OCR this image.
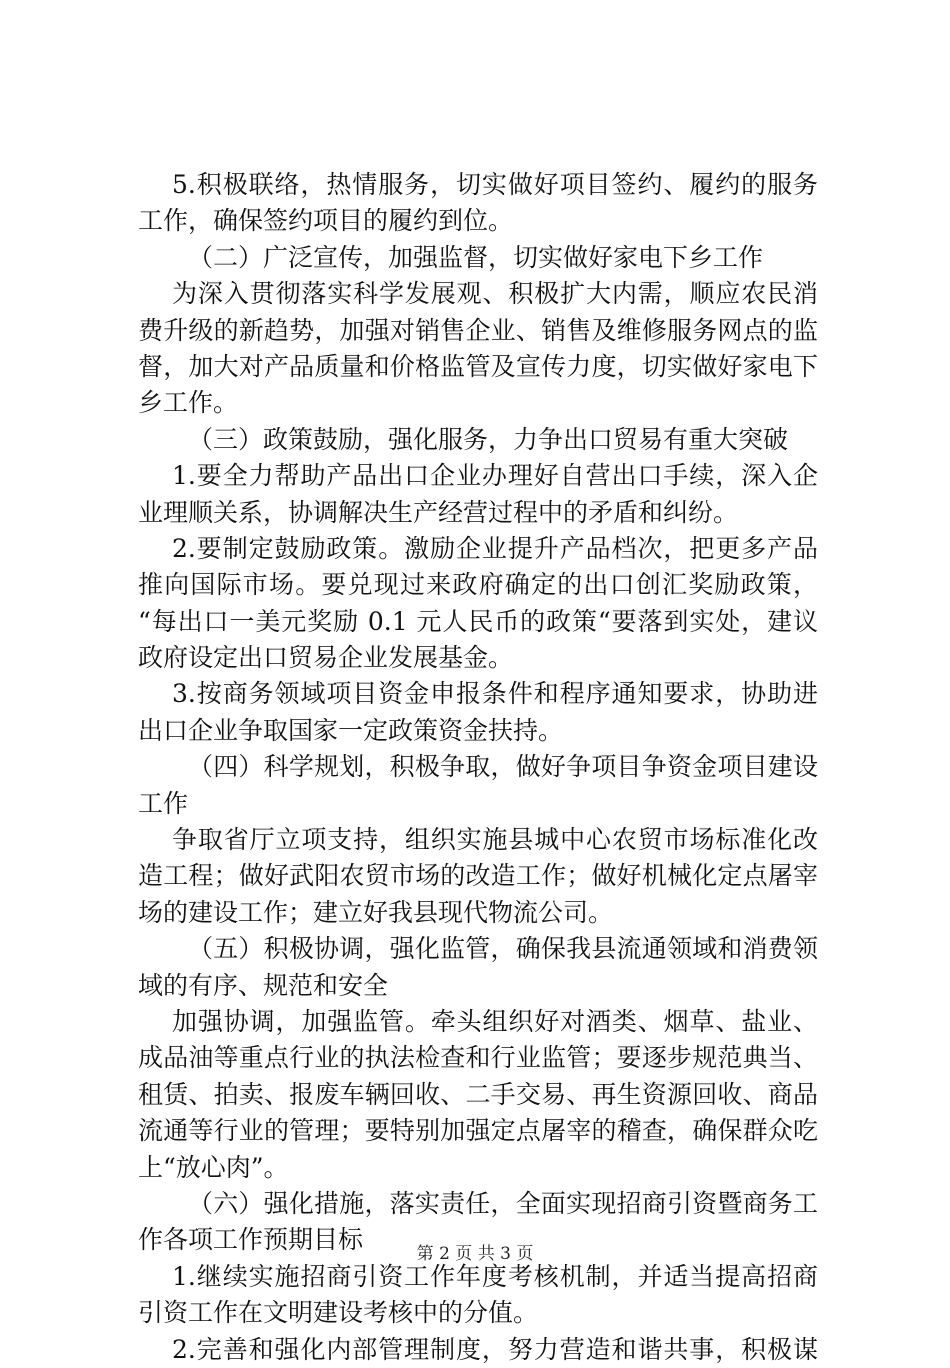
5.积极联络，热情服务，切实做好项目签约、履约的服务
工作，确保签约项目的履约到位。
（二）广泛宣传，加强监督，切实做好家电下乡工作
为深入贯彻落实科学发展观、积极扩大内需，顺应农民消
费升级的新趋势，加强对销售企业、销售及维修服务网点的监
督，加大对产品质量和价格监管及宣传力度，切实做好家电下
乡工作。
（三）政策鼓励，强化服务，力争出口贸易有重大突破
1.要全力帮助产品出口企业办理好自营出口手续，深入企
业理顺关系，协调解决生产经营过程中的矛盾和纠纷。
2.要制定鼓励政策。激励企业提升产品档次，把更多产品
推向国际市场。要兑现过来政府确定的出口创汇奖励政策，
“每出口一美元奖励 0.1 元人民币的政策“要落到实处，建议
政府设定出口贸易企业发展基金。
3.按商务领域项目资金申报条件和程序通知要求，协助进
出口企业争取国家一定政策资金扶持。
（四）科学规划，积极争取，做好争项目争资金项目建设
工作
争取省厅立项支持，组织实施县城中心农贸市场标准化改
造工程；做好武阳农贸市场的改造工作；做好机械化定点屠宰
场的建设工作；建立好我县现代物流公司。
（五）积极协调，强化监管，确保我县流通领域和消费领
域的有序、规范和安全
加强协调，加强监管。牵头组织好对酒类、烟草、盐业、
成品油等重点行业的执法检查和行业监管；要逐步规范典当、
租赁、拍卖、报废车辆回收、二手交易、再生资源回收、商品
流通等行业的管理；要特别加强定点屠宰的稽查，确保群众吃
上“放心肉”。
（六）强化措施，落实责任，全面实现招商引资暨商务工
作各项工作预期目标
1.继续实施招商引资工作年度考核机制，并适当提高招商
引资工作在文明建设考核中的分值。
2.完善和强化内部管理制度，努力营造和谐共事，积极谋
第 2 页 共 3 页
